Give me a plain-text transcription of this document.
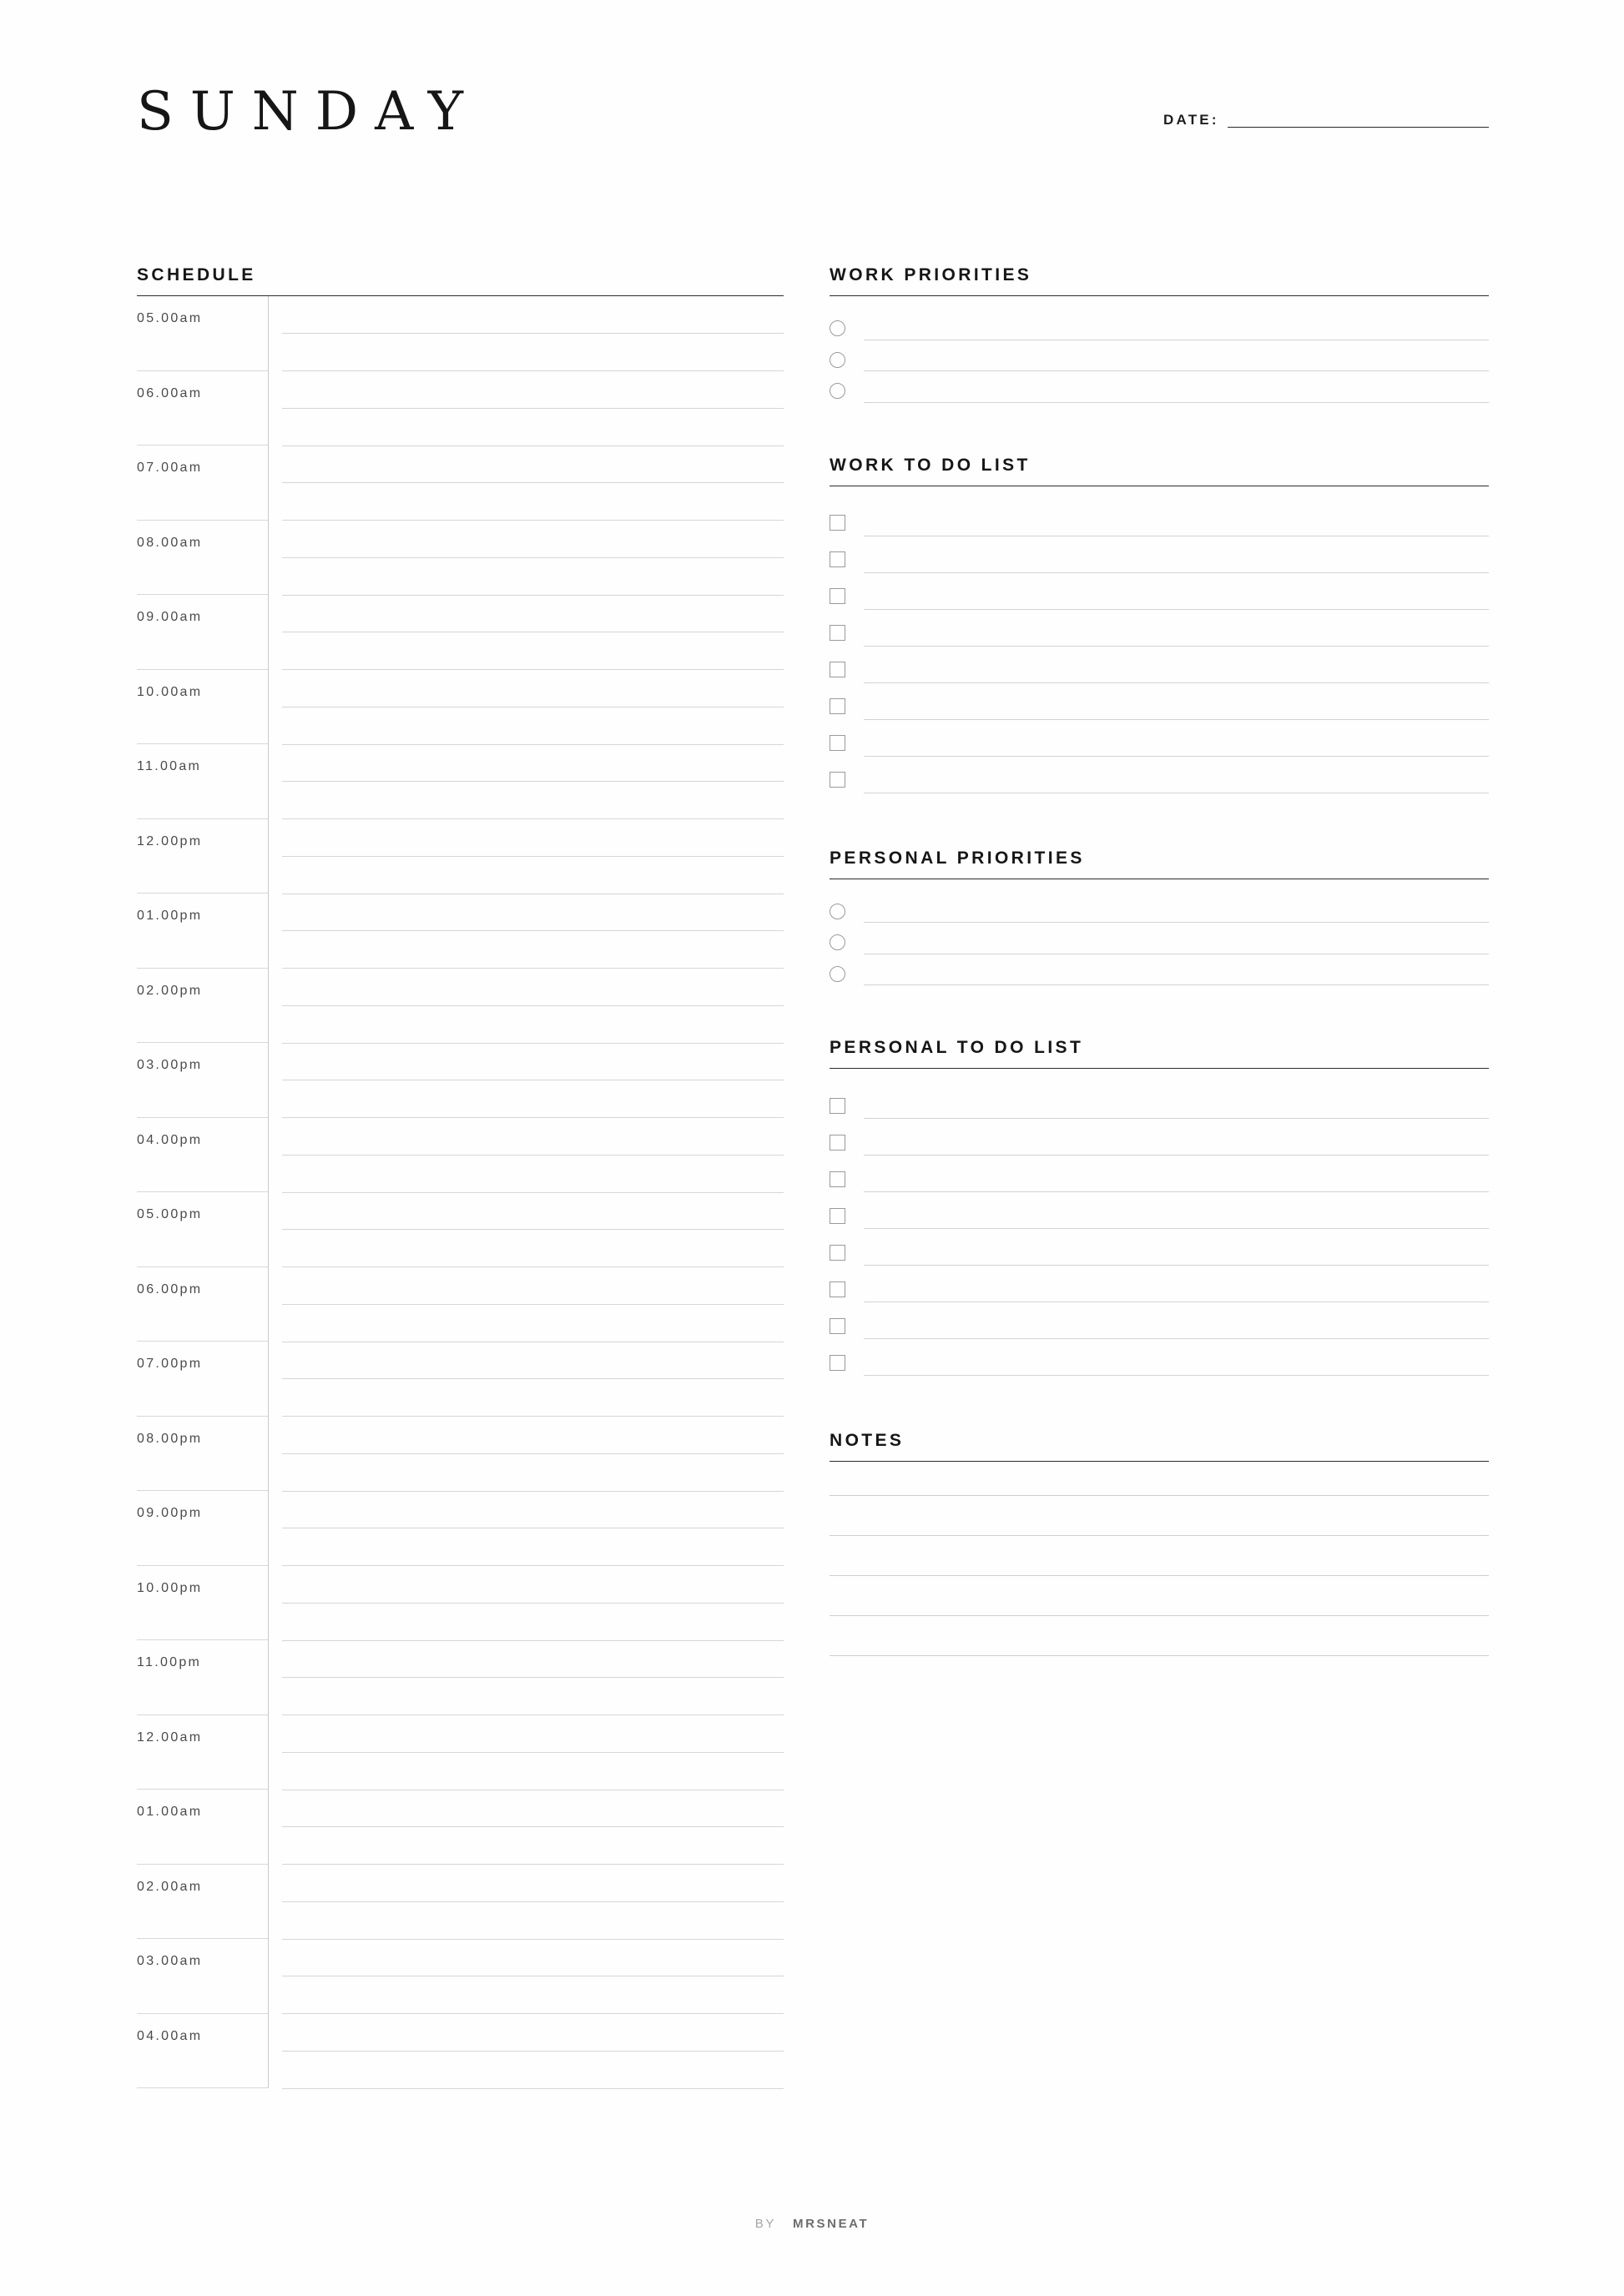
SUNDAY	DATE:
SCHEDULE
05.00am
06.00am
07.00am
08.00am
09.00am
10.00am
11.00am
12.00pm
01.00pm
02.00pm
03.00pm
04.00pm
05.00pm
06.00pm
07.00pm
08.00pm
09.00pm
10.00pm
11.00pm
12.00am
01.00am
02.00am
03.00am
04.00am
WORK PRIORITIES
WORK TO DO LIST
PERSONAL PRIORITIES
PERSONAL TO DO LIST
NOTES
BY MRSNEAT
